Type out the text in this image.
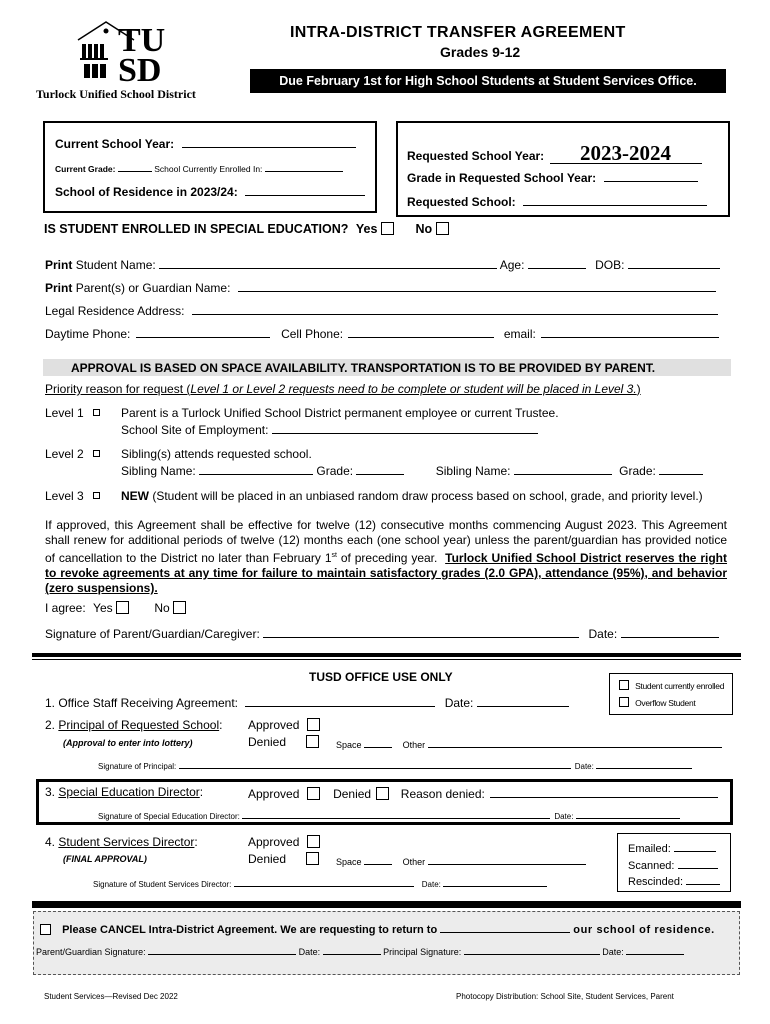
TU
SD
Turlock Unified School District
INTRA-DISTRICT TRANSFER AGREEMENT
Grades 9-12
Due February 1st for High School Students at Student Services Office.
Current School Year:
Current Grade:	School Currently Enrolled In:
School of Residence in 2023/24:
Requested School Year: 2023-2024
Grade in Requested School Year:
Requested School:
IS STUDENT ENROLLED IN SPECIAL EDUCATION? Yes	No
Print Student Name:	Age:	DOB:
Print Parent(s) or Guardian Name:
Legal Residence Address:
Daytime Phone:	Cell Phone:	email:
APPROVAL IS BASED ON SPACE AVAILABILITY. TRANSPORTATION IS TO BE PROVIDED BY PARENT.
Priority reason for request (Level 1 or Level 2 requests need to be complete or student will be placed in Level 3.)
Level 1	Parent is a Turlock Unified School District permanent employee or current Trustee.
School Site of Employment:
Level 2	Sibling(s) attends requested school.
Sibling Name:	Grade:	Sibling Name:	Grade:
Level 3	NEW (Student will be placed in an unbiased random draw process based on school, grade, and priority level.)
If approved, this Agreement shall be effective for twelve (12) consecutive months commencing August 2023. This Agreement shall renew for additional periods of twelve (12) months each (one school year) unless the parent/guardian has provided notice of cancellation to the District no later than February 1st of preceding year. Turlock Unified School District reserves the right to revoke agreements at any time for failure to maintain satisfactory grades (2.0 GPA), attendance (95%), and behavior (zero suspensions).
I agree: Yes	No
Signature of Parent/Guardian/Caregiver:	Date:
TUSD OFFICE USE ONLY
Student currently enrolled
Overflow Student
1. Office Staff Receiving Agreement:	Date:
2. Principal of Requested School: Approved
(Approval to enter into lottery)	Denied	Space	Other
Signature of Principal:	Date:
3. Special Education Director:	Approved	Denied Reason denied:
Signature of Special Education Director:	Date:
4. Student Services Director:	Approved
(FINAL APPROVAL)	Denied	Space	Other
Signature of Student Services Director:	Date:
Emailed:
Scanned:
Rescinded:
Please CANCEL Intra-District Agreement. We are requesting to return to	our school of residence.
Parent/Guardian Signature:	Date:	Principal Signature:	Date:
Student Services—Revised Dec 2022	Photocopy Distribution: School Site, Student Services, Parent
